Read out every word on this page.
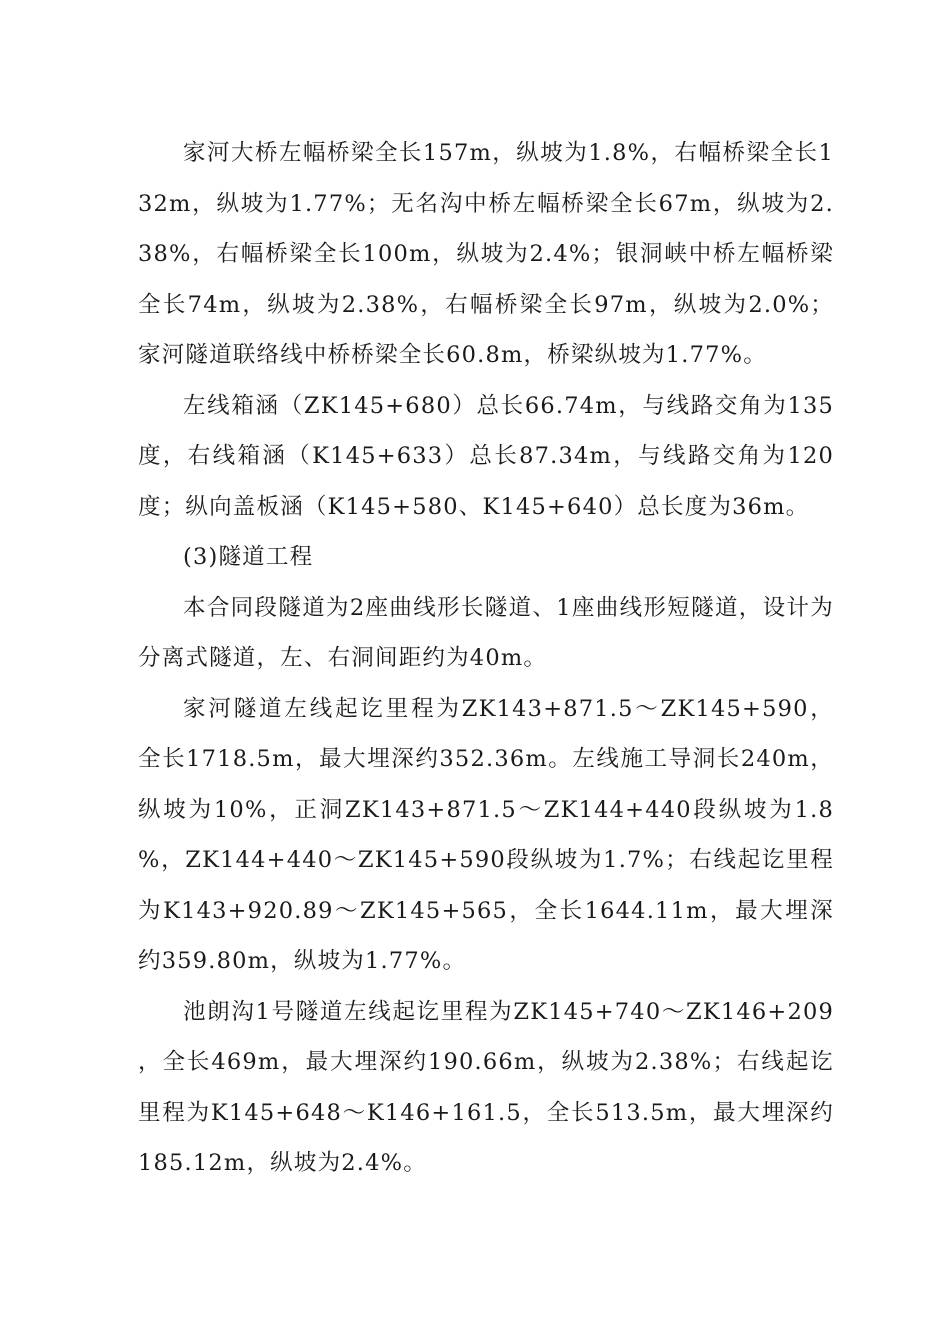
家河大桥左幅桥梁全长157m，纵坡为1.8%，右幅桥梁全长132m，纵坡为1.77%；无名沟中桥左幅桥梁全长67m，纵坡为2.38%，右幅桥梁全长100m，纵坡为2.4%；银洞峡中桥左幅桥梁全长74m，纵坡为2.38%，右幅桥梁全长97m，纵坡为2.0%；家河隧道联络线中桥桥梁全长60.8m，桥梁纵坡为1.77%。

左线箱涵（ZK145+680）总长66.74m，与线路交角为135度，右线箱涵（K145+633）总长87.34m，与线路交角为120度；纵向盖板涵（K145+580、K145+640）总长度为36m。

(3)隧道工程

本合同段隧道为2座曲线形长隧道、1座曲线形短隧道，设计为分离式隧道，左、右洞间距约为40m。

家河隧道左线起讫里程为ZK143+871.5～ZK145+590，全长1718.5m，最大埋深约352.36m。左线施工导洞长240m，纵坡为10%，正洞ZK143+871.5～ZK144+440段纵坡为1.8%，ZK144+440～ZK145+590段纵坡为1.7%；右线起讫里程为K143+920.89～ZK145+565，全长1644.11m，最大埋深约359.80m，纵坡为1.77%。

池朗沟1号隧道左线起讫里程为ZK145+740～ZK146+209，全长469m，最大埋深约190.66m，纵坡为2.38%；右线起讫里程为K145+648～K146+161.5，全长513.5m，最大埋深约185.12m，纵坡为2.4%。
